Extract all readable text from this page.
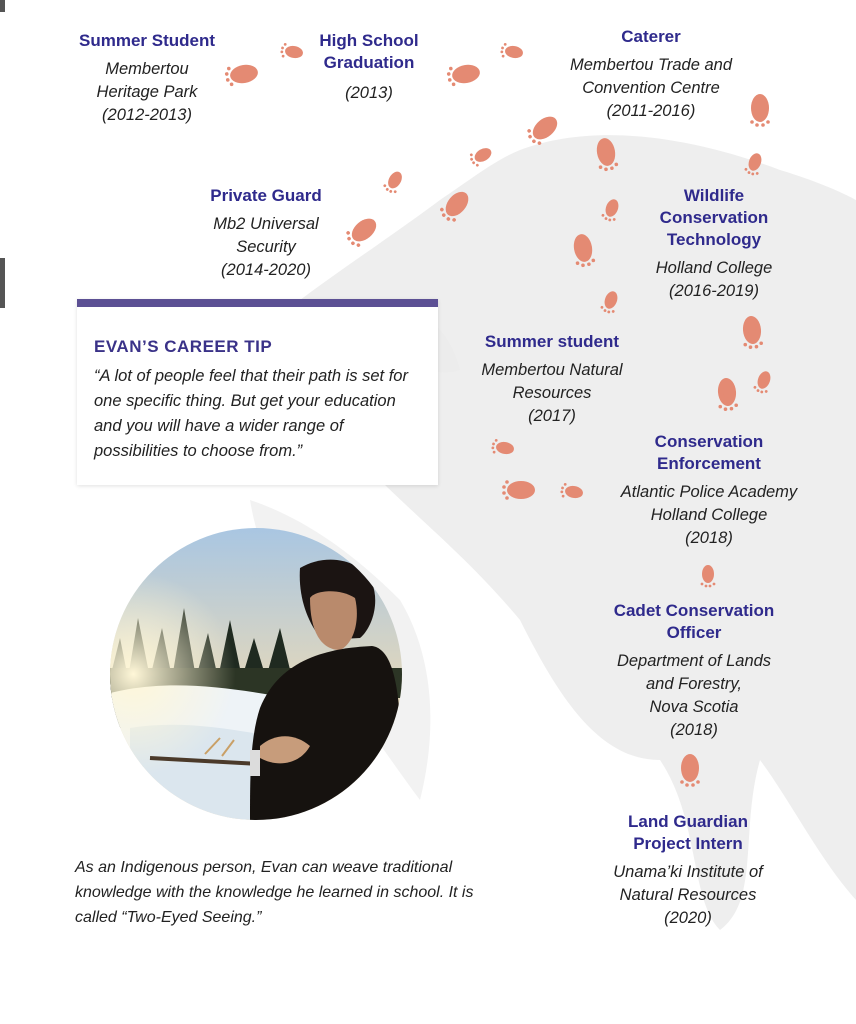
Summer Student
Membertou
Heritage Park
(2012-2013)
High School
Graduation
(2013)
Caterer
Membertou Trade and
Convention Centre
(2011-2016)
Private Guard
Mb2 Universal
Security
(2014-2020)
Wildlife
Conservation
Technology
Holland College
(2016-2019)
Summer student
Membertou Natural
Resources
(2017)
Conservation
Enforcement
Atlantic Police Academy
Holland College
(2018)
Cadet Conservation
Officer
Department of Lands
and Forestry,
Nova Scotia
(2018)
Land Guardian
Project Intern
Unama’ki Institute of
Natural Resources
(2020)
EVAN’S CAREER TIP
“A lot of people feel that their path is set for one specific thing. But get your education and you will have a wider range of possibilities to choose from.”
As an Indigenous person, Evan can weave traditional knowledge with the knowledge he learned in school. It is called “Two-Eyed Seeing.”
